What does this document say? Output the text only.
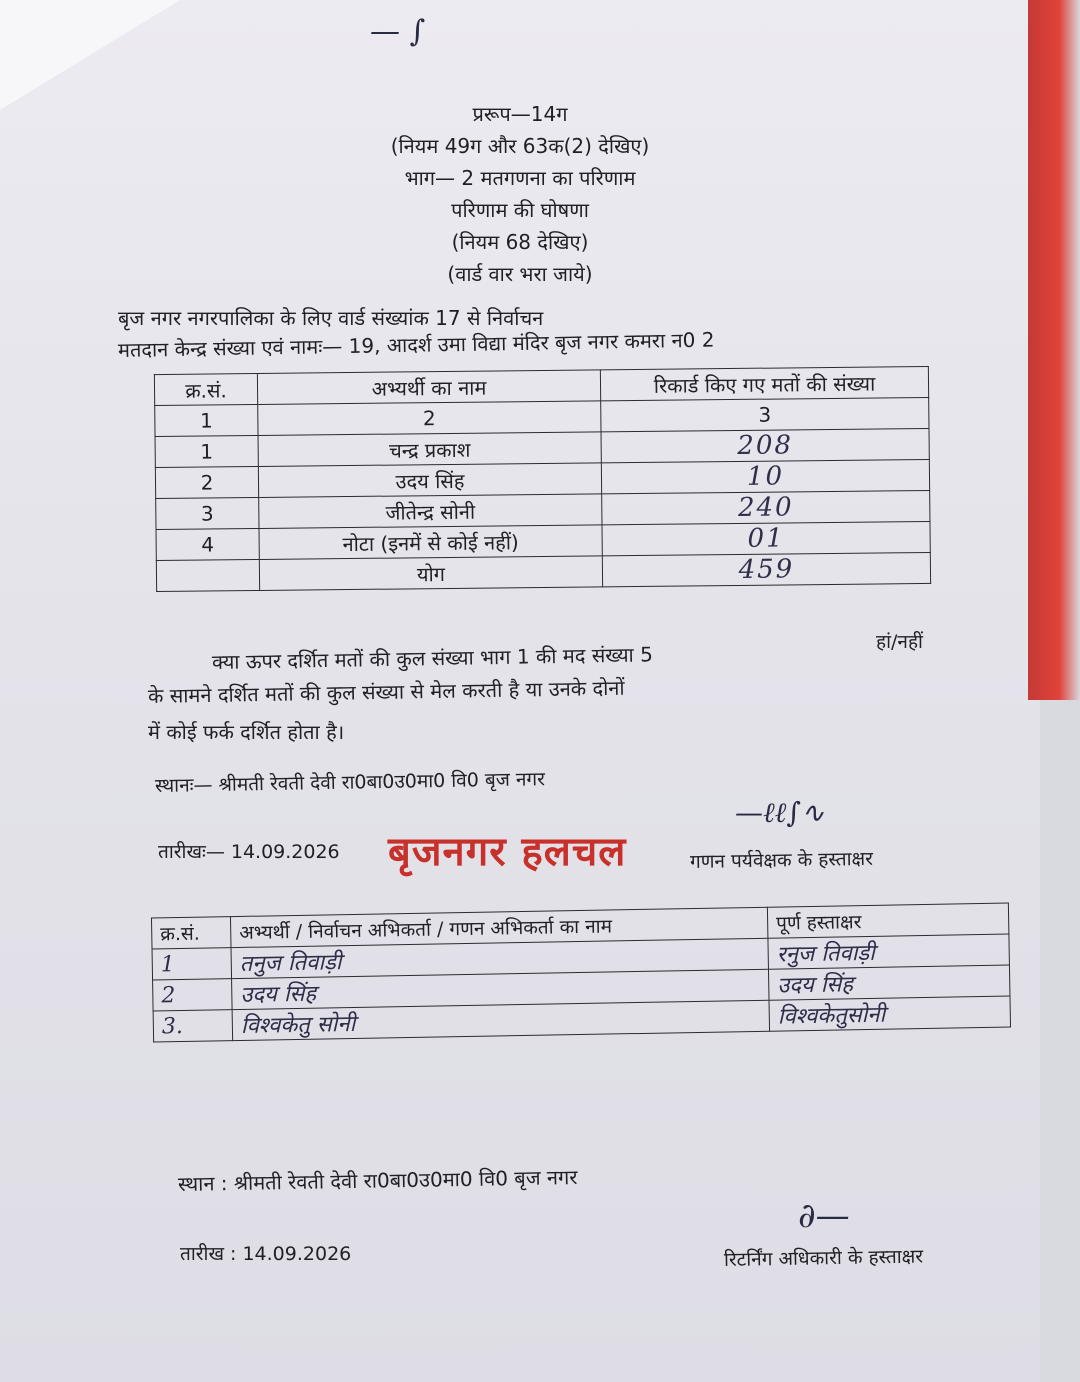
— ∫
प्ररूप—14ग
(नियम 49ग और 63क(2) देखिए)
भाग— 2 मतगणना का परिणाम
परिणाम की घोषणा
(नियम 68 देखिए)
(वार्ड वार भरा जाये)
बृज नगर नगरपालिका के लिए वार्ड संख्यांक 17 से निर्वाचन
मतदान केन्द्र संख्या एवं नामः— 19, आदर्श उमा विद्या मंदिर बृज नगर कमरा न0 2
क्र.सं.	अभ्यर्थी का नाम	रिकार्ड किए गए मतों की संख्या
1	2	3
1	चन्द्र प्रकाश	208
2	उदय सिंह	10
3	जीतेन्द्र सोनी	240
4	नोटा (इनमें से कोई नहीं)	01
	योग	459
हां/नहीं
क्या ऊपर दर्शित मतों की कुल संख्या भाग 1 की मद संख्या 5
के सामने दर्शित मतों की कुल संख्या से मेल करती है या उनके दोनों
में कोई फर्क दर्शित होता है।
स्थानः— श्रीमती रेवती देवी रा0बा0उ0मा0 वि0 बृज नगर
तारीखः— 14.09.2026 बृजनगर हलचल
—ℓℓ∫∿
गणन पर्यवेक्षक के हस्ताक्षर
क्र.सं.	अभ्यर्थी / निर्वाचन अभिकर्ता / गणन अभिकर्ता का नाम	पूर्ण हस्ताक्षर
1	तनुज तिवाड़ी	रनुज तिवाड़ी
2	उदय सिंह	उदय सिंह
3.	विश्वकेतु सोनी	विश्वकेतुसोनी
स्थान : श्रीमती रेवती देवी रा0बा0उ0मा0 वि0 बृज नगर
तारीख : 14.09.2026
∂—
रिटर्निंग अधिकारी के हस्ताक्षर
